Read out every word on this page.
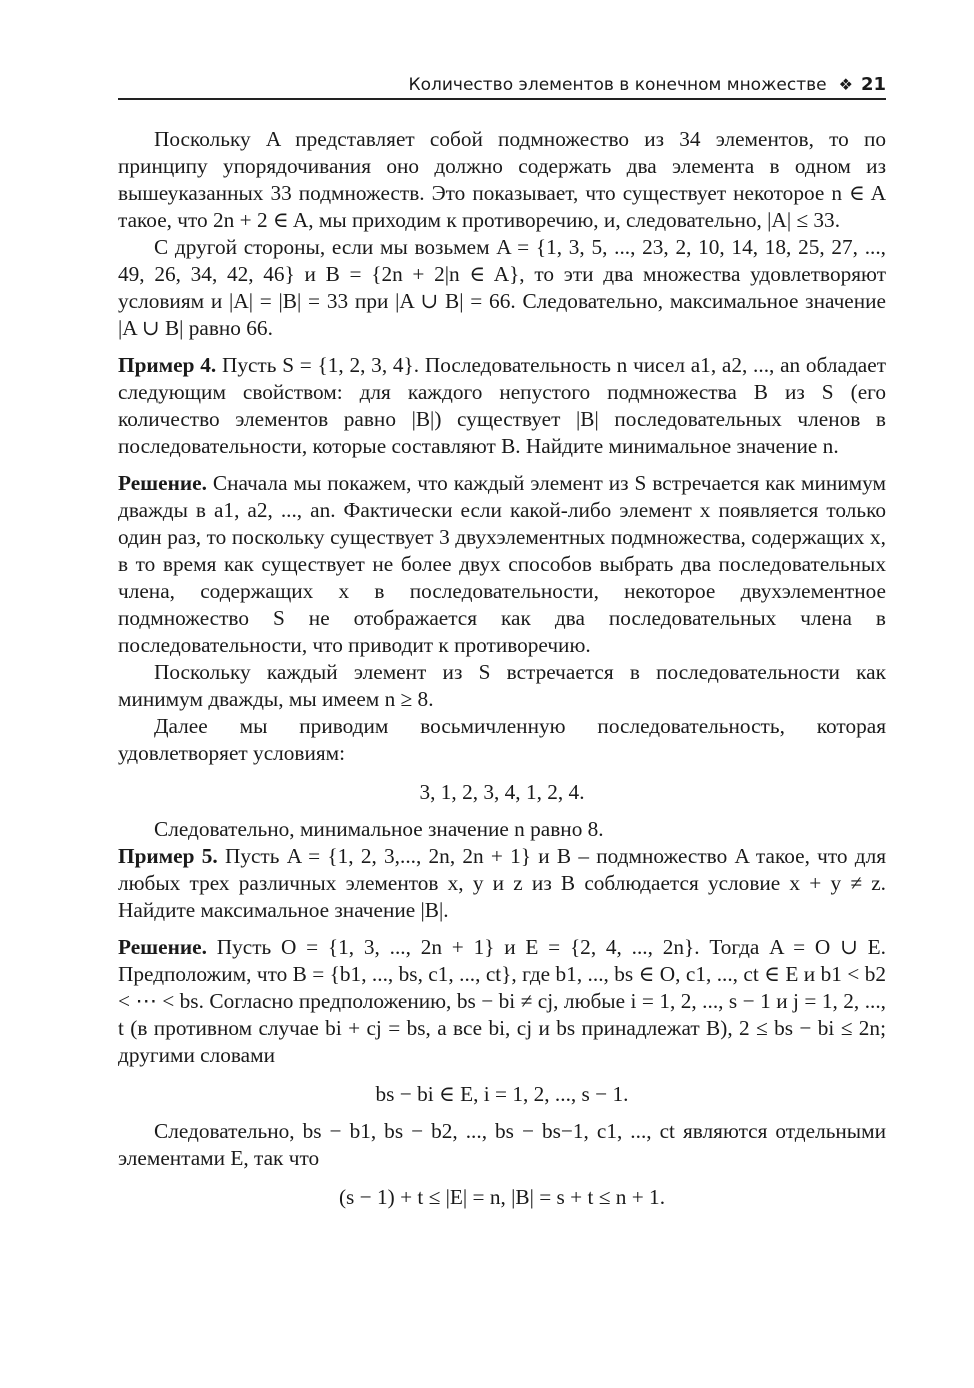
Количество элементов в конечном множестве ❖ 21

Поскольку A представляет собой подмножество из 34 элементов, то по принципу упорядочивания оно должно содержать два элемента в одном из вышеуказанных 33 подмножеств. Это показывает, что существует некоторое n ∈ A такое, что 2n + 2 ∈ A, мы приходим к противоречию, и, следовательно, |A| ≤ 33.

С другой стороны, если мы возьмем A = {1, 3, 5, ..., 23, 2, 10, 14, 18, 25, 27, ..., 49, 26, 34, 42, 46} и B = {2n + 2|n ∈ A}, то эти два множества удовлетворяют условиям и |A| = |B| = 33 при |A ∪ B| = 66. Следовательно, максимальное значение |A ∪ B| равно 66.

Пример 4. Пусть S = {1, 2, 3, 4}. Последовательность n чисел a1, a2, ..., an обладает следующим свойством: для каждого непустого подмножества B из S (его количество элементов равно |B|) существует |B| последовательных членов в последовательности, которые составляют B. Найдите минимальное значение n.

Решение. Сначала мы покажем, что каждый элемент из S встречается как минимум дважды в a1, a2, ..., an. Фактически если какой-либо элемент x появляется только один раз, то поскольку существует 3 двухэлементных подмножества, содержащих x, в то время как существует не более двух способов выбрать два последовательных члена, содержащих x в последовательности, некоторое двухэлементное подмножество S не отображается как два последовательных члена в последовательности, что приводит к противоречию.

Поскольку каждый элемент из S встречается в последовательности как минимум дважды, мы имеем n ≥ 8.

Далее мы приводим восьмичленную последовательность, которая удовлетворяет условиям:

3, 1, 2, 3, 4, 1, 2, 4.

Следовательно, минимальное значение n равно 8.

Пример 5. Пусть A = {1, 2, 3,..., 2n, 2n + 1} и B – подмножество A такое, что для любых трех различных элементов x, y и z из B соблюдается условие x + y ≠ z. Найдите максимальное значение |B|.

Решение. Пусть O = {1, 3, ..., 2n + 1} и E = {2, 4, ..., 2n}. Тогда A = O ∪ E. Предположим, что B = {b1, ..., bs, c1, ..., ct}, где b1, ..., bs ∈ O, c1, ..., ct ∈ E и b1 < b2 < ⋯ < bs. Согласно предположению, bs − bi ≠ cj, любые i = 1, 2, ..., s − 1 и j = 1, 2, ..., t (в противном случае bi + cj = bs, а все bi, cj и bs принадлежат B), 2 ≤ bs − bi ≤ 2n; другими словами

bs − bi ∈ E, i = 1, 2, ..., s − 1.

Следовательно, bs − b1, bs − b2, ..., bs − bs−1, c1, ..., ct являются отдельными элементами E, так что

(s − 1) + t ≤ |E| = n, |B| = s + t ≤ n + 1.
